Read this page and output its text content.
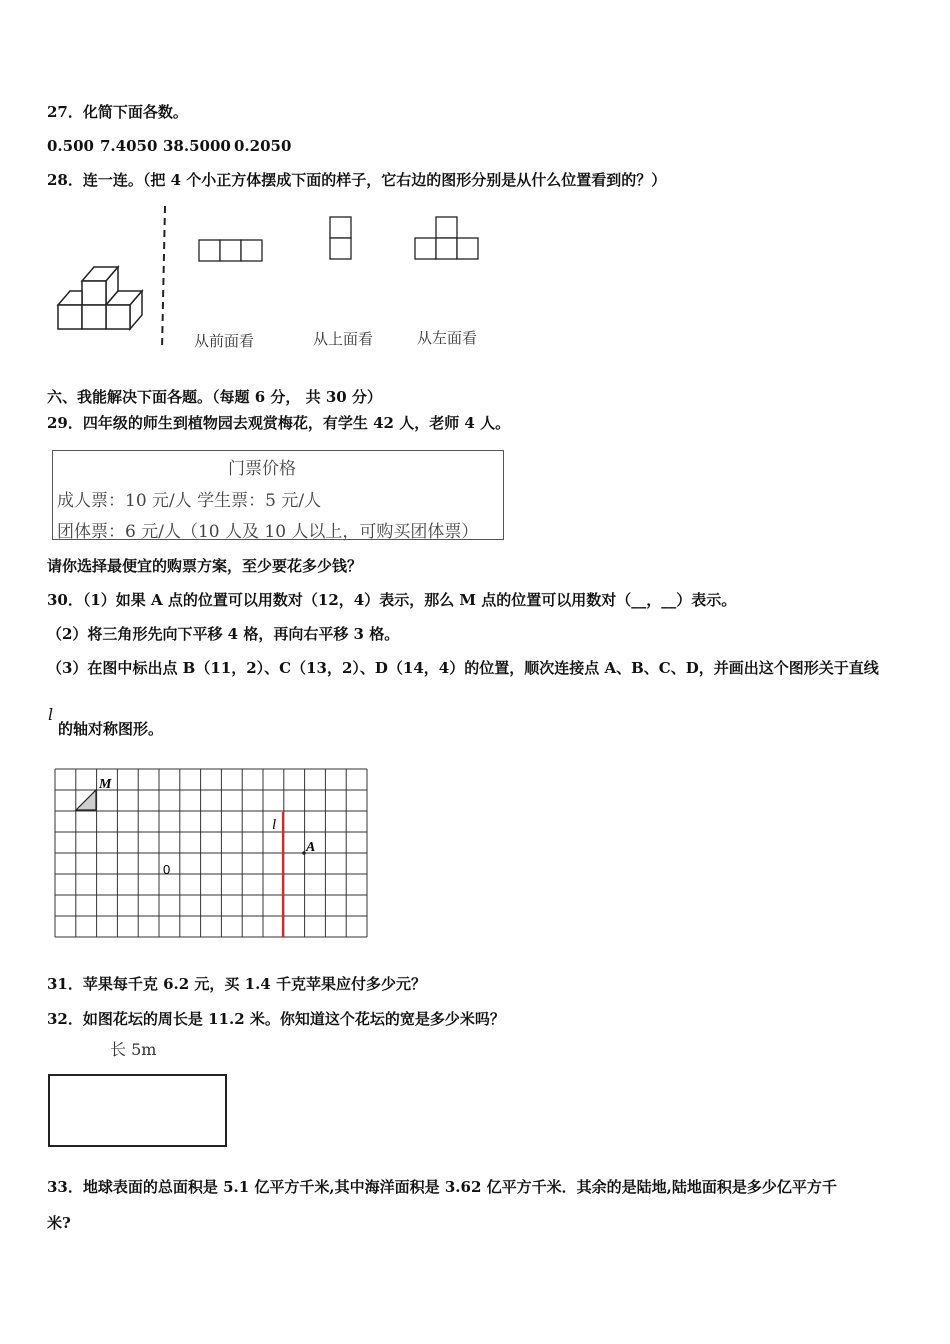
27．化简下面各数。
0.500 7.4050 38.5000 0.2050
28．连一连。（把 4 个小正方体摆成下面的样子，它右边的图形分别是从什么位置看到的？）
从前面看	从上面看	从左面看
六、我能解决下面各题。（每题 6 分， 共 30 分）
29．四年级的师生到植物园去观赏梅花，有学生 42 人，老师 4 人。
门票价格
成人票：10 元/人 学生票：5 元/人
团体票：6 元/人（10 人及 10 人以上，可购买团体票）
请你选择最便宜的购票方案，至少要花多少钱？
30．（1）如果 A 点的位置可以用数对（12，4）表示，那么 M 点的位置可以用数对（__，__）表示。
（2）将三角形先向下平移 4 格，再向右平移 3 格。
（3）在图中标出点 B（11，2）、C（13，2）、D（14，4）的位置，顺次连接点 A、B、C、D，并画出这个图形关于直线
l
的轴对称图形。
M
l
A
0
31．苹果每千克 6.2 元，买 1.4 千克苹果应付多少元？
32．如图花坛的周长是 11.2 米。你知道这个花坛的宽是多少米吗？
长 5m
33．地球表面的总面积是 5.1 亿平方千米,其中海洋面积是 3.62 亿平方千米．其余的是陆地,陆地面积是多少亿平方千
米?
